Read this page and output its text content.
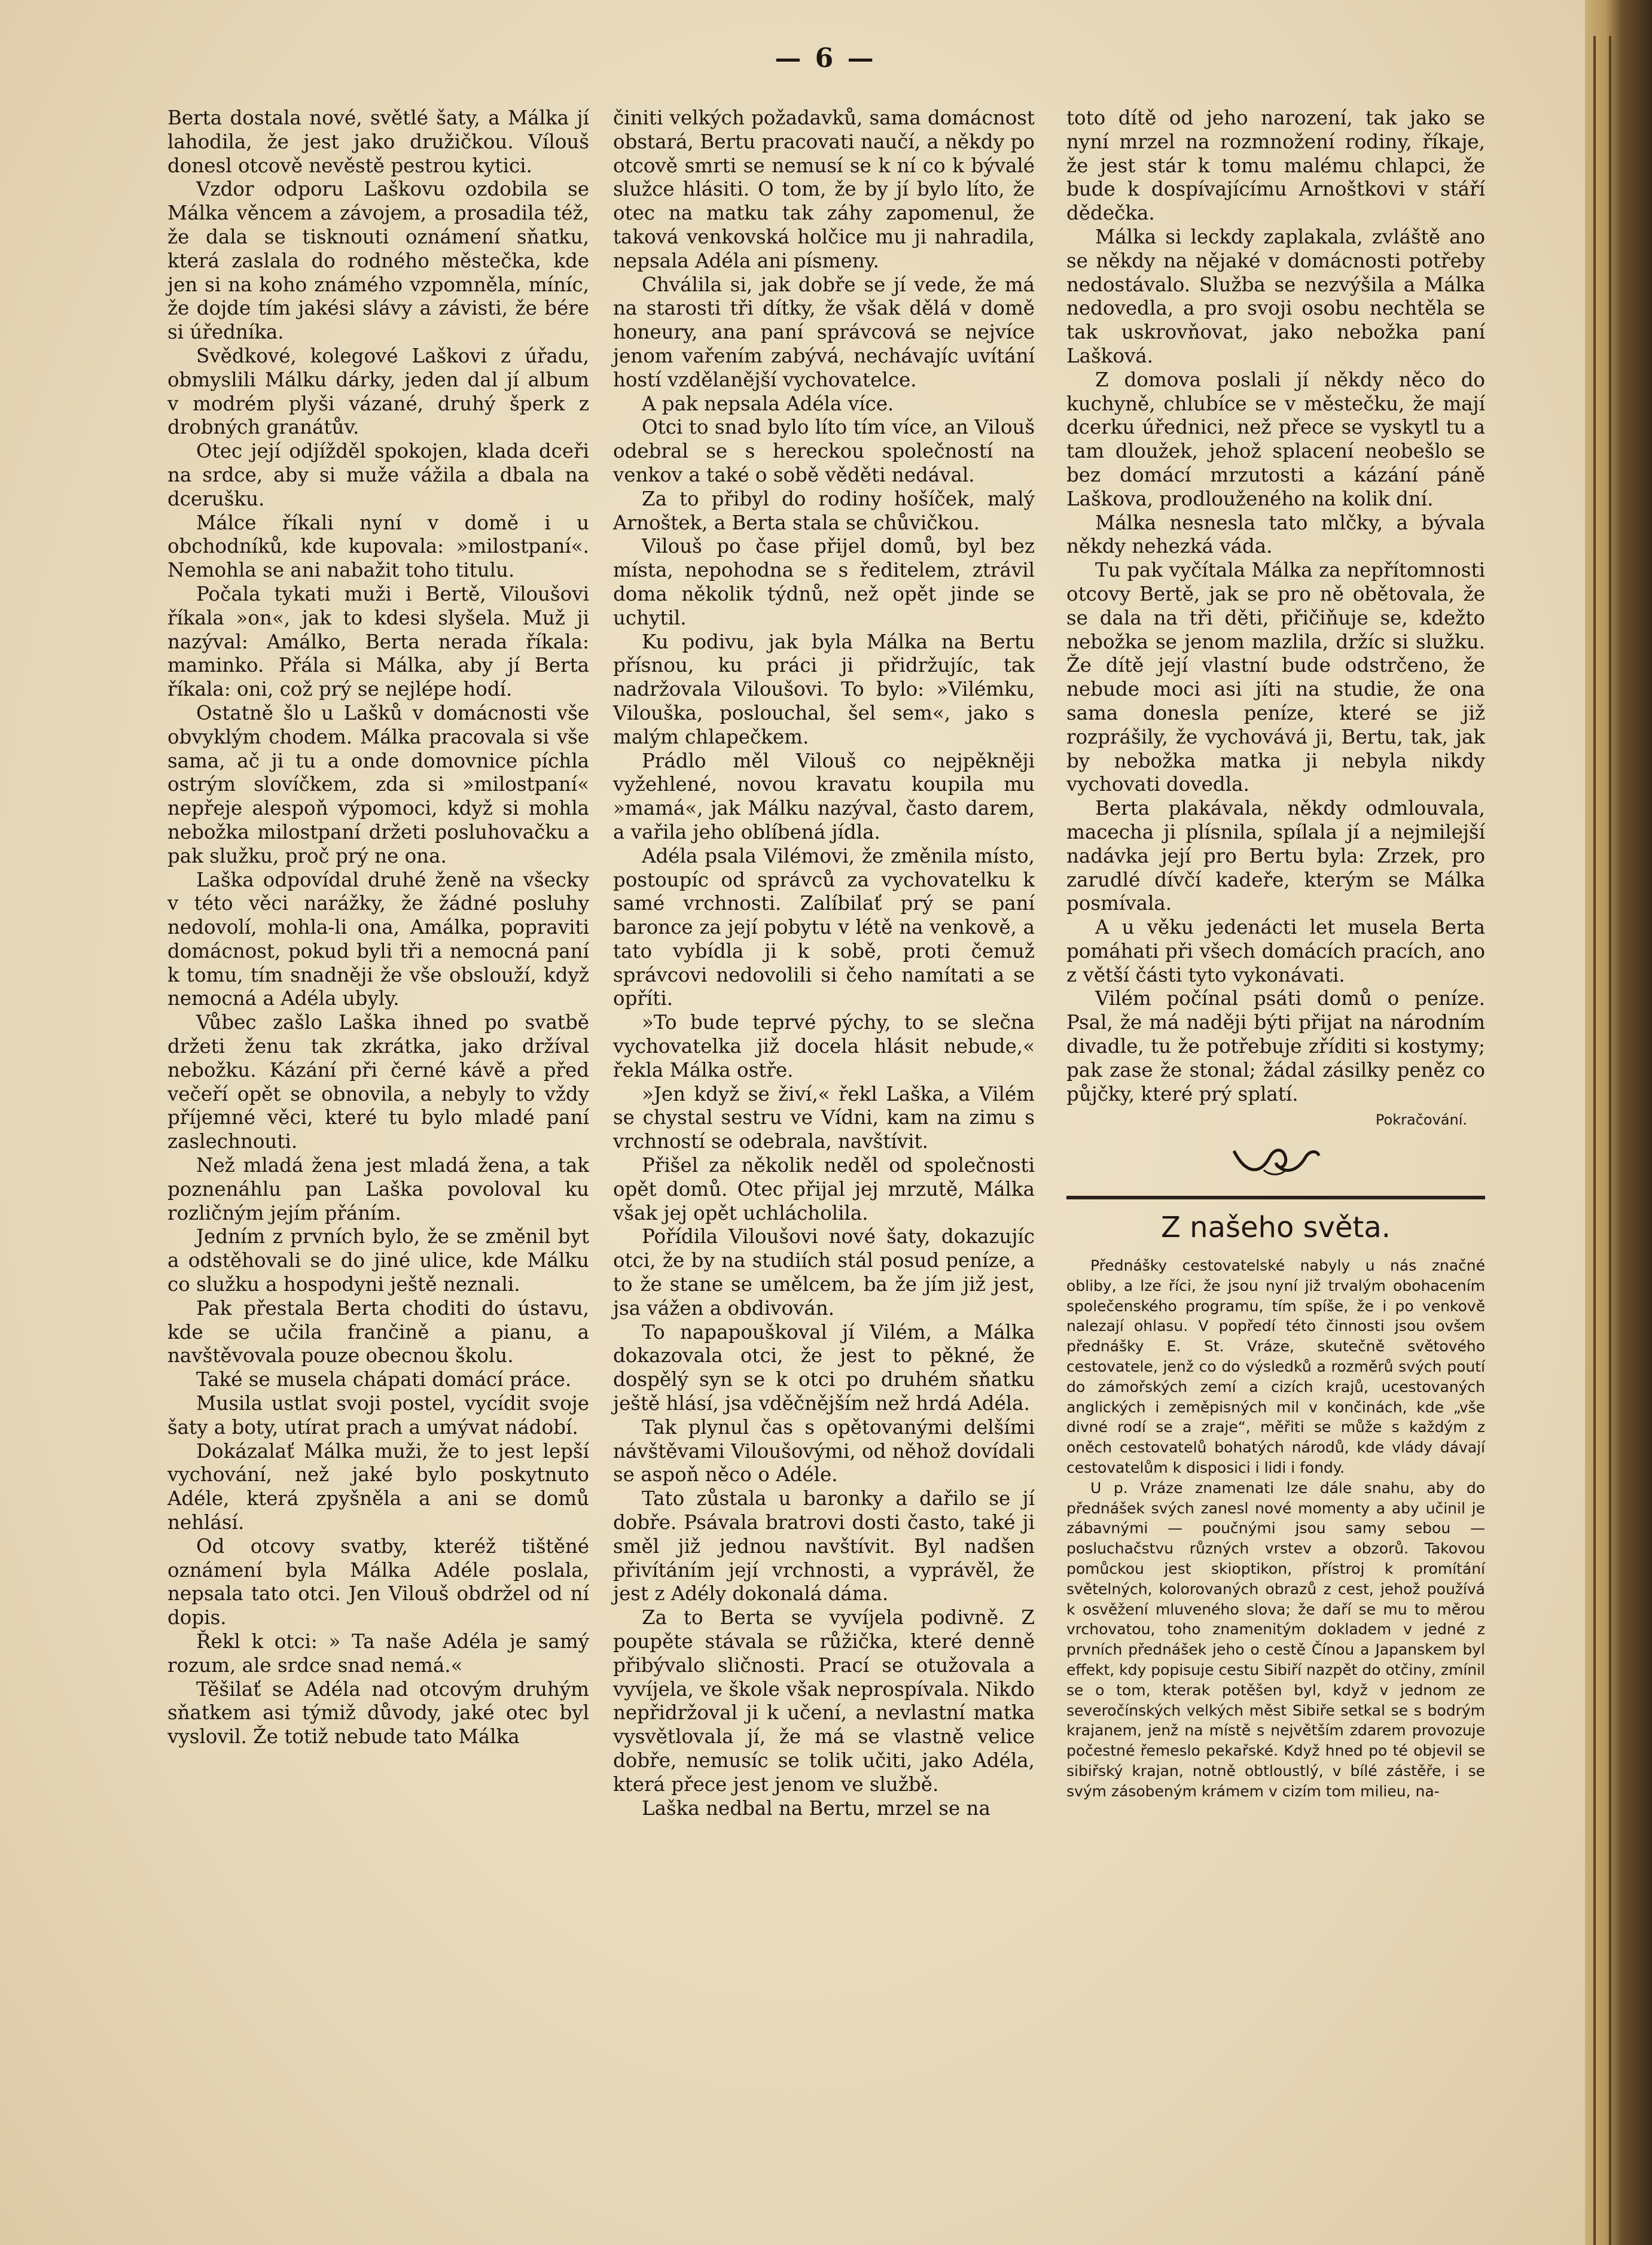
— 6 —

Berta dostala nové, světlé šaty, a Málka jí lahodila, že jest jako družičkou. Vílouš donesl otcově nevěstě pestrou kytici.

Vzdor odporu Laškovu ozdobila se Málka věncem a závojem, a prosadila též, že dala se tisknouti oznámení sňatku, která zaslala do rodného městečka, kde jen si na koho známého vzpomněla, míníc, že dojde tím jakési slávy a závisti, že bére si úředníka.

Svědkové, kolegové Laškovi z úřadu, obmyslili Málku dárky, jeden dal jí album v modrém plyši vázané, druhý šperk z drobných granátův.

Otec její odjížděl spokojen, klada dceři na srdce, aby si muže vážila a dbala na dcerušku.

Málce říkali nyní v domě i u obchodníků, kde kupovala: »milostpaní«. Nemohla se ani nabažit toho titulu.

Počala tykati muži i Bertě, Viloušovi říkala »on«, jak to kdesi slyšela. Muž ji nazýval: Amálko, Berta nerada říkala: maminko. Přála si Málka, aby jí Berta říkala: oni, což prý se nejlépe hodí.

Ostatně šlo u Lašků v domácnosti vše obvyklým chodem. Málka pracovala si vše sama, ač ji tu a onde domovnice píchla ostrým slovíčkem, zda si »milostpaní« nepřeje alespoň výpomoci, když si mohla nebožka milostpaní držeti posluhovačku a pak služku, proč prý ne ona.

Laška odpovídal druhé ženě na všecky v této věci narážky, že žádné posluhy nedovolí, mohla-li ona, Amálka, popraviti domácnost, pokud byli tři a nemocná paní k tomu, tím snadněji že vše obslouží, když nemocná a Adéla ubyly.

Vůbec zašlo Laška ihned po svatbě držeti ženu tak zkrátka, jako držíval nebožku. Kázání při černé kávě a před večeří opět se obnovila, a nebyly to vždy příjemné věci, které tu bylo mladé paní zaslechnouti.

Než mladá žena jest mladá žena, a tak poznenáhlu pan Laška povoloval ku rozličným jejím přáním.

Jedním z prvních bylo, že se změnil byt a odstěhovali se do jiné ulice, kde Málku co služku a hospodyni ještě neznali.

Pak přestala Berta choditi do ústavu, kde se učila frančině a pianu, a navštěvovala pouze obecnou školu.

Také se musela chápati domácí práce.

Musila ustlat svoji postel, vycídit svoje šaty a boty, utírat prach a umývat nádobí.

Dokázalať Málka muži, že to jest lepší vychování, než jaké bylo poskytnuto Adéle, která zpyšněla a ani se domů nehlásí.

Od otcovy svatby, kteréž tištěné oznámení byla Málka Adéle poslala, nepsala tato otci. Jen Vilouš obdržel od ní dopis.

Řekl k otci: » Ta naše Adéla je samý rozum, ale srdce snad nemá.«

Těšilať se Adéla nad otcovým druhým sňatkem asi týmiž důvody, jaké otec byl vyslovil. Že totiž nebude tato Málka

činiti velkých požadavků, sama domácnost obstará, Bertu pracovati naučí, a někdy po otcově smrti se nemusí se k ní co k bývalé služce hlásiti. O tom, že by jí bylo líto, že otec na matku tak záhy zapomenul, že taková venkovská holčice mu ji nahradila, nepsala Adéla ani písmeny.

Chválila si, jak dobře se jí vede, že má na starosti tři dítky, že však dělá v domě honeury, ana paní správcová se nejvíce jenom vařením zabývá, nechávajíc uvítání hostí vzdělanější vychovatelce.

A pak nepsala Adéla více.

Otci to snad bylo líto tím více, an Vilouš odebral se s hereckou společností na venkov a také o sobě věděti nedával.

Za to přibyl do rodiny hošíček, malý Arnoštek, a Berta stala se chůvičkou.

Vilouš po čase přijel domů, byl bez místa, nepohodna se s ředitelem, ztrávil doma několik týdnů, než opět jinde se uchytil.

Ku podivu, jak byla Málka na Bertu přísnou, ku práci ji přidržujíc, tak nadržovala Viloušovi. To bylo: »Vilémku, Vilouška, poslouchal, šel sem«, jako s malým chlapečkem.

Prádlo měl Vilouš co nejpěkněji vyžehlené, novou kravatu koupila mu »mamá«, jak Málku nazýval, často darem, a vařila jeho oblíbená jídla.

Adéla psala Vilémovi, že změnila místo, postoupíc od správců za vychovatelku k samé vrchnosti. Zalíbilať prý se paní baronce za její pobytu v létě na venkově, a tato vybídla ji k sobě, proti čemuž správcovi nedovolili si čeho namítati a se opříti.

»To bude teprvé pýchy, to se slečna vychovatelka již docela hlásit nebude,« řekla Málka ostře.

»Jen když se živí,« řekl Laška, a Vilém se chystal sestru ve Vídni, kam na zimu s vrchností se odebrala, navštívit.

Přišel za několik neděl od společnosti opět domů. Otec přijal jej mrzutě, Málka však jej opět uchlácholila.

Pořídila Viloušovi nové šaty, dokazujíc otci, že by na studiích stál posud peníze, a to že stane se umělcem, ba že jím již jest, jsa vážen a obdivován.

To napapouškoval jí Vilém, a Málka dokazovala otci, že jest to pěkné, že dospělý syn se k otci po druhém sňatku ještě hlásí, jsa vděčnějším než hrdá Adéla.

Tak plynul čas s opětovanými delšími návštěvami Viloušovými, od něhož dovídali se aspoň něco o Adéle.

Tato zůstala u baronky a dařilo se jí dobře. Psávala bratrovi dosti často, také ji směl již jednou navštívit. Byl nadšen přivítáním její vrchnosti, a vyprávěl, že jest z Adély dokonalá dáma.

Za to Berta se vyvíjela podivně. Z poupěte stávala se růžička, které denně přibývalo sličnosti. Prací se otužovala a vyvíjela, ve škole však neprospívala. Nikdo nepřidržoval ji k učení, a nevlastní matka vysvětlovala jí, že má se vlastně velice dobře, nemusíc se tolik učiti, jako Adéla, která přece jest jenom ve službě.

Laška nedbal na Bertu, mrzel se na

toto dítě od jeho narození, tak jako se nyní mrzel na rozmnožení rodiny, říkaje, že jest stár k tomu malému chlapci, že bude k dospívajícímu Arnoštkovi v stáří dědečka.

Málka si leckdy zaplakala, zvláště ano se někdy na nějaké v domácnosti potřeby nedostávalo. Služba se nezvýšila a Málka nedovedla, a pro svoji osobu nechtěla se tak uskrovňovat, jako nebožka paní Lašková.

Z domova poslali jí někdy něco do kuchyně, chlubíce se v městečku, že mají dcerku úřednici, než přece se vyskytl tu a tam dloužek, jehož splacení neobešlo se bez domácí mrzutosti a kázání páně Laškova, prodlouženého na kolik dní.

Málka nesnesla tato mlčky, a bývala někdy nehezká váda.

Tu pak vyčítala Málka za nepřítomnosti otcovy Bertě, jak se pro ně obětovala, že se dala na tři děti, přičiňuje se, kdežto nebožka se jenom mazlila, držíc si služku. Že dítě její vlastní bude odstrčeno, že nebude moci asi jíti na studie, že ona sama donesla peníze, které se již rozprášily, že vychovává ji, Bertu, tak, jak by nebožka matka ji nebyla nikdy vychovati dovedla.

Berta plakávala, někdy odmlouvala, macecha ji plísnila, spílala jí a nejmilejší nadávka její pro Bertu byla: Zrzek, pro zarudlé dívčí kadeře, kterým se Málka posmívala.

A u věku jedenácti let musela Berta pomáhati při všech domácích pracích, ano z větší části tyto vykonávati.

Vilém počínal psáti domů o peníze. Psal, že má naději býti přijat na národním divadle, tu že potřebuje zříditi si kostymy; pak zase že stonal; žádal zásilky peněz co půjčky, které prý splatí.

Pokračování.
Z našeho světa.

Přednášky cestovatelské nabyly u nás značné obliby, a lze říci, že jsou nyní již trvalým obohacením společenského programu, tím spíše, že i po venkově nalezají ohlasu. V popředí této činnosti jsou ovšem přednášky E. St. Vráze, skutečně světového cestovatele, jenž co do výsledků a rozměrů svých poutí do zámořských zemí a cizích krajů, ucestovaných anglických i zeměpisných mil v končinách, kde „vše divné rodí se a zraje“, měřiti se může s každým z oněch cestovatelů bohatých národů, kde vlády dávají cestovatelům k disposici i lidi i fondy.

U p. Vráze znamenati lze dále snahu, aby do přednášek svých zanesl nové momenty a aby učinil je zábavnými — poučnými jsou samy sebou — posluchačstvu různých vrstev a obzorů. Takovou pomůckou jest skioptikon, přístroj k promítání světelných, kolorovaných obrazů z cest, jehož používá k osvěžení mluveného slova; že daří se mu to měrou vrchovatou, toho znamenitým dokladem v jedné z prvních přednášek jeho o cestě Čínou a Japanskem byl effekt, kdy popisuje cestu Sibiří nazpět do otčiny, zmínil se o tom, kterak potěšen byl, když v jednom ze severočínských velkých měst Sibiře setkal se s bodrým krajanem, jenž na místě s největším zdarem provozuje počestné řemeslo pekařské. Když hned po té objevil se sibiřský krajan, notně obtloustlý, v bílé zástěře, i se svým zásobeným krámem v cizím tom milieu, na-
